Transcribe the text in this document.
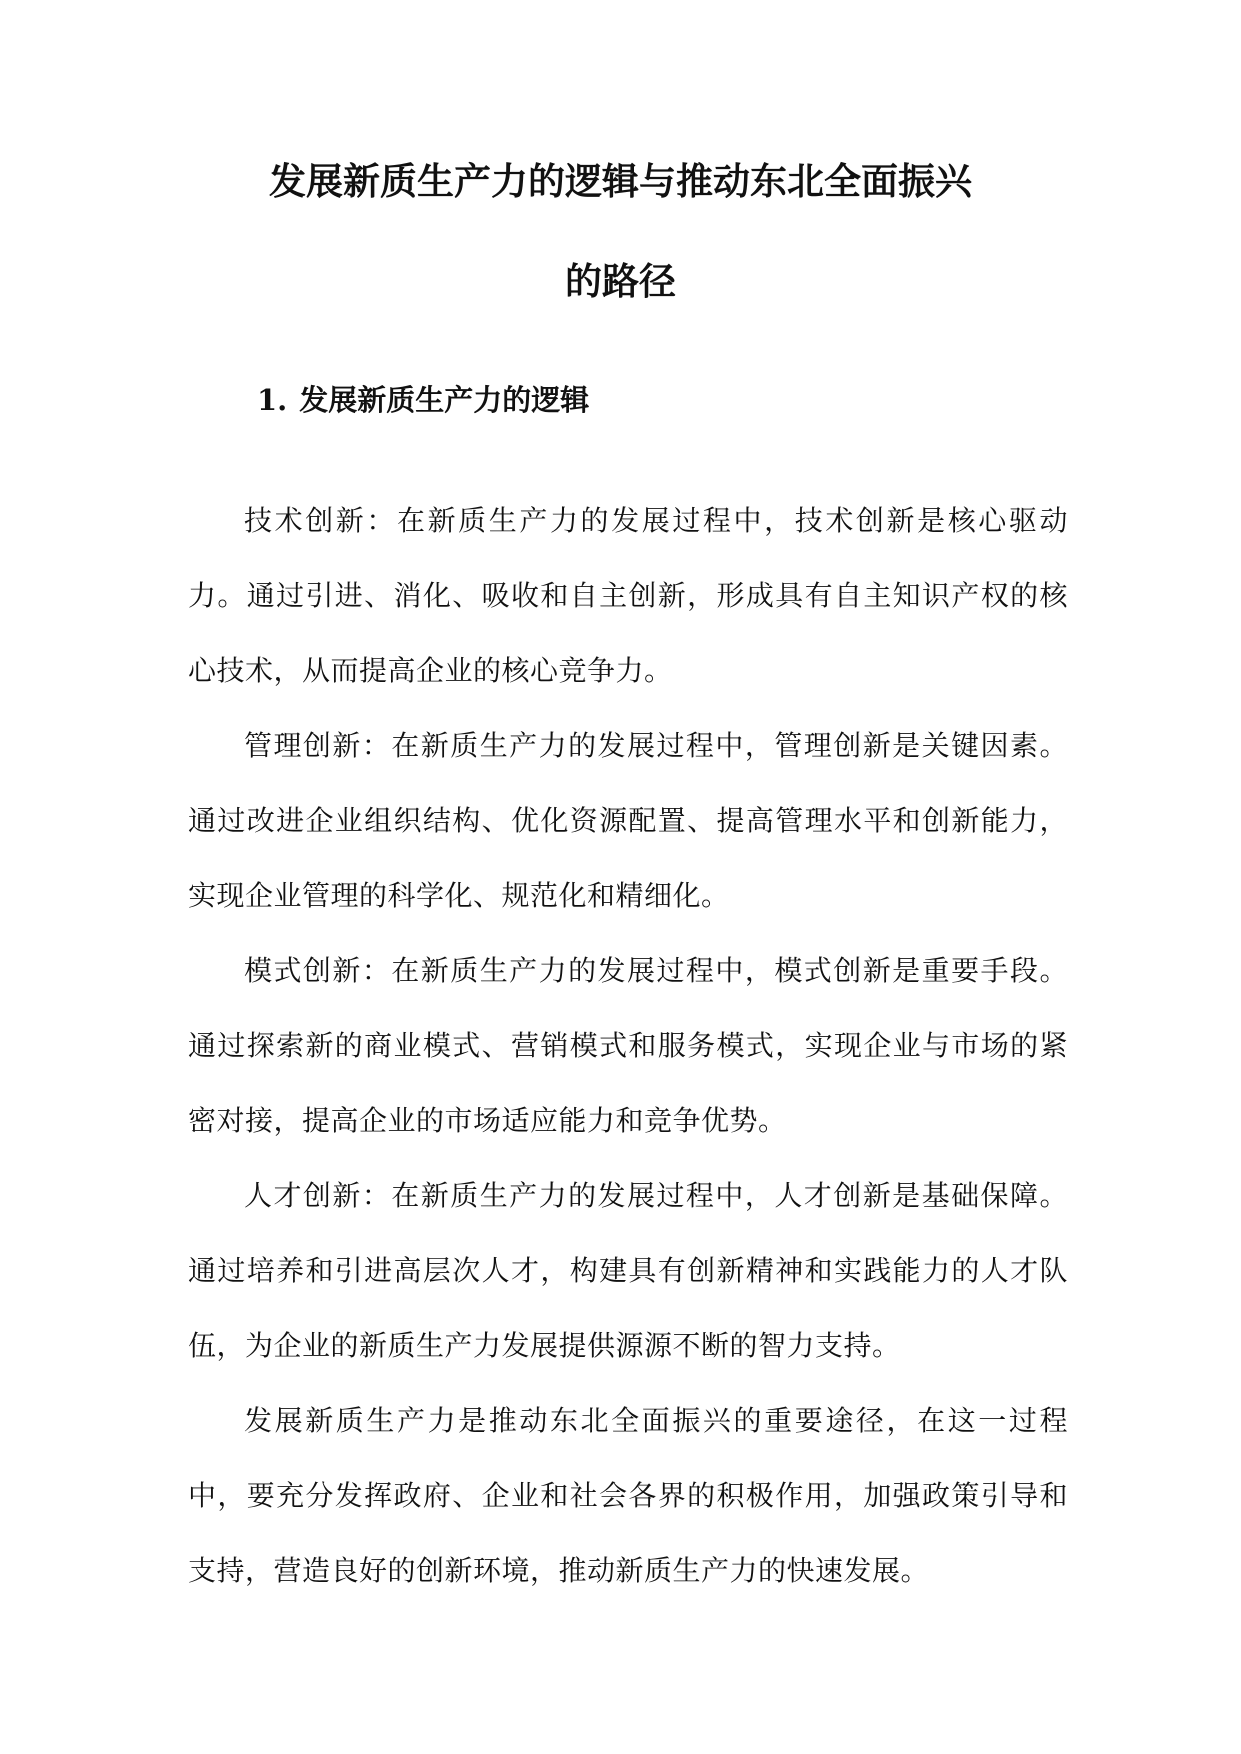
发展新质生产力的逻辑与推动东北全面振兴
的路径
1. 发展新质生产力的逻辑

技术创新：在新质生产力的发展过程中，技术创新是核心驱动力。通过引进、消化、吸收和自主创新，形成具有自主知识产权的核心技术，从而提高企业的核心竞争力。

管理创新：在新质生产力的发展过程中，管理创新是关键因素。通过改进企业组织结构、优化资源配置、提高管理水平和创新能力，实现企业管理的科学化、规范化和精细化。

模式创新：在新质生产力的发展过程中，模式创新是重要手段。通过探索新的商业模式、营销模式和服务模式，实现企业与市场的紧密对接，提高企业的市场适应能力和竞争优势。

人才创新：在新质生产力的发展过程中，人才创新是基础保障。通过培养和引进高层次人才，构建具有创新精神和实践能力的人才队伍，为企业的新质生产力发展提供源源不断的智力支持。

发展新质生产力是推动东北全面振兴的重要途径，在这一过程中，要充分发挥政府、企业和社会各界的积极作用，加强政策引导和支持，营造良好的创新环境，推动新质生产力的快速发展。
